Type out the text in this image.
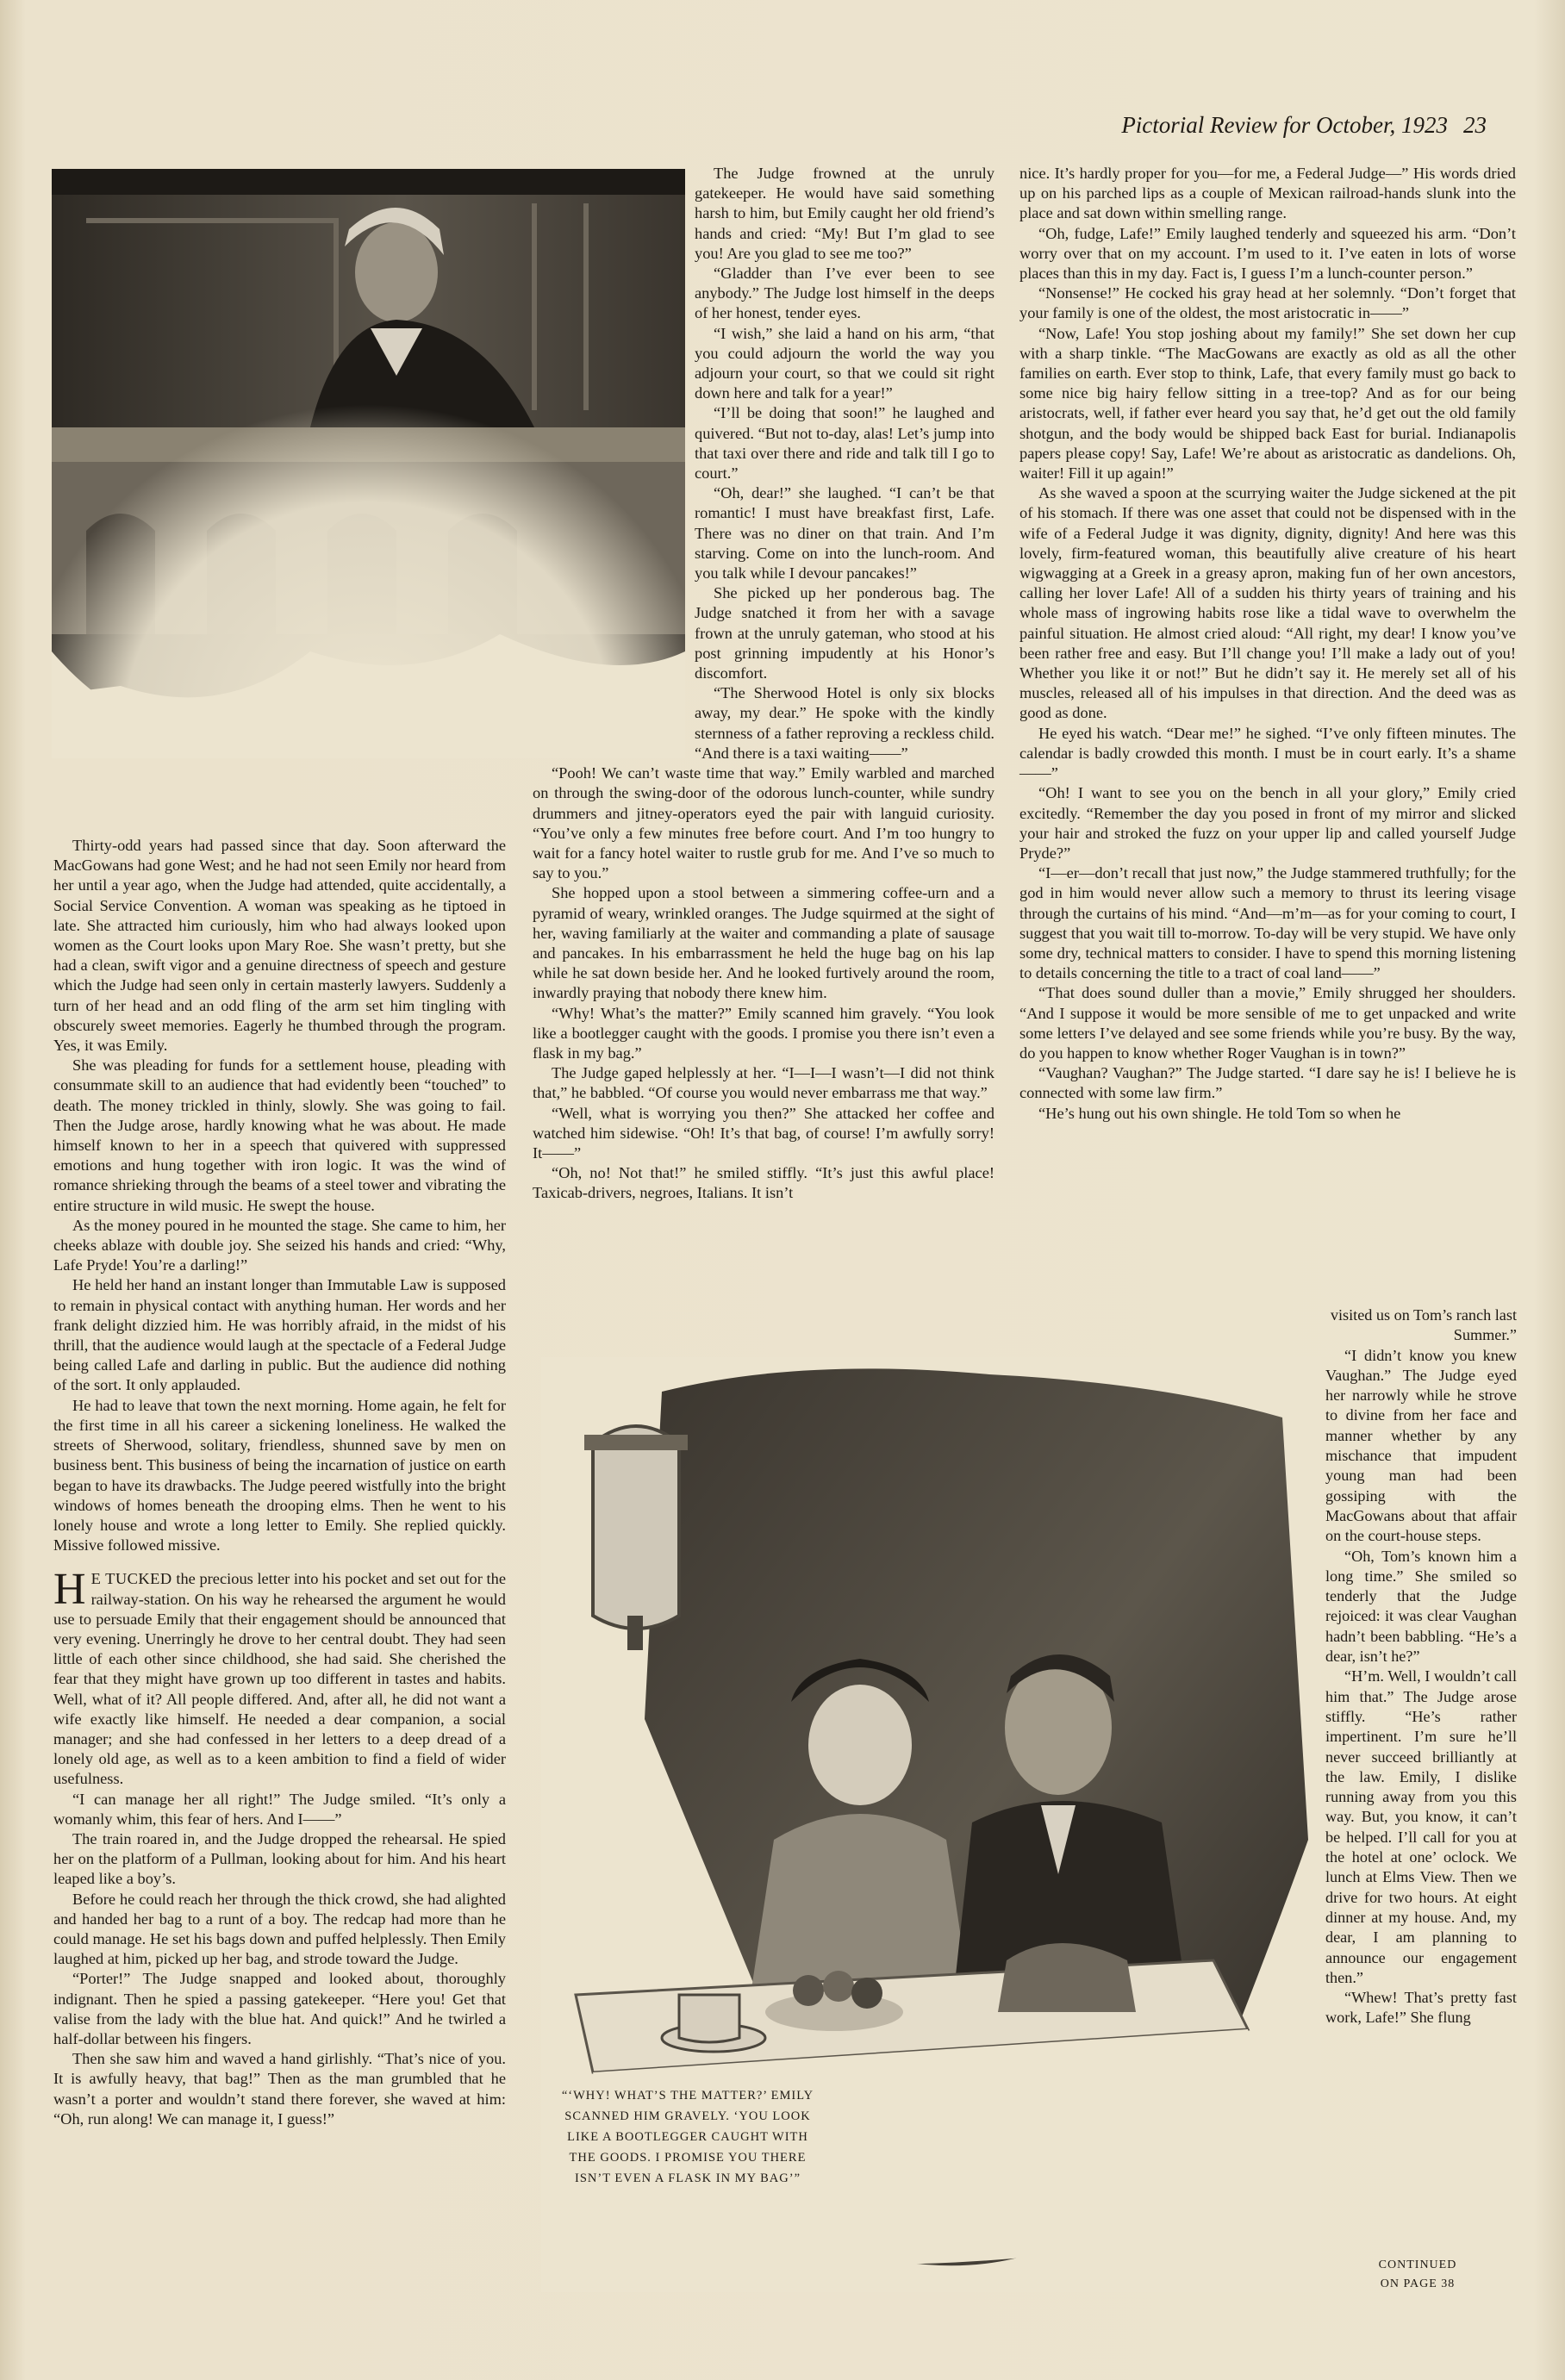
Pictorial Review for October, 1923 23

Thirty-odd years had passed since that day. Soon afterward the MacGowans had gone West; and he had not seen Emily nor heard from her until a year ago, when the Judge had attended, quite accidentally, a Social Service Convention. A woman was speaking as he tiptoed in late. She attracted him curiously, him who had always looked upon women as the Court looks upon Mary Roe. She wasn’t pretty, but she had a clean, swift vigor and a genuine directness of speech and gesture which the Judge had seen only in certain masterly lawyers. Suddenly a turn of her head and an odd fling of the arm set him tingling with obscurely sweet memories. Eagerly he thumbed through the program. Yes, it was Emily.

She was pleading for funds for a settlement house, pleading with consummate skill to an audience that had evidently been “touched” to death. The money trickled in thinly, slowly. She was going to fail. Then the Judge arose, hardly knowing what he was about. He made himself known to her in a speech that quivered with suppressed emotions and hung together with iron logic. It was the wind of romance shrieking through the beams of a steel tower and vibrating the entire structure in wild music. He swept the house.

As the money poured in he mounted the stage. She came to him, her cheeks ablaze with double joy. She seized his hands and cried: “Why, Lafe Pryde! You’re a darling!”

He held her hand an instant longer than Immutable Law is supposed to remain in physical contact with anything human. Her words and her frank delight dizzied him. He was horribly afraid, in the midst of his thrill, that the audience would laugh at the spectacle of a Federal Judge being called Lafe and darling in public. But the audience did nothing of the sort. It only applauded.

He had to leave that town the next morning. Home again, he felt for the first time in all his career a sickening loneliness. He walked the streets of Sherwood, solitary, friendless, shunned save by men on business bent. This business of being the incarnation of justice on earth began to have its drawbacks. The Judge peered wistfully into the bright windows of homes beneath the drooping elms. Then he went to his lonely house and wrote a long letter to Emily. She replied quickly. Missive followed missive.

H E TUCKED the precious letter into his pocket and set out for the railway-station. On his way he rehearsed the argument he would use to persuade Emily that their engagement should be announced that very evening. Unerringly he drove to her central doubt. They had seen little of each other since childhood, she had said. She cherished the fear that they might have grown up too different in tastes and habits. Well, what of it? All people differed. And, after all, he did not want a wife exactly like himself. He needed a dear companion, a social manager; and she had confessed in her letters to a deep dread of a lonely old age, as well as to a keen ambition to find a field of wider usefulness.

“I can manage her all right!” The Judge smiled. “It’s only a womanly whim, this fear of hers. And I——”

The train roared in, and the Judge dropped the rehearsal. He spied her on the platform of a Pullman, looking about for him. And his heart leaped like a boy’s.

Before he could reach her through the thick crowd, she had alighted and handed her bag to a runt of a boy. The redcap had more than he could manage. He set his bags down and puffed helplessly. Then Emily laughed at him, picked up her bag, and strode toward the Judge.

“Porter!” The Judge snapped and looked about, thoroughly indignant. Then he spied a passing gatekeeper. “Here you! Get that valise from the lady with the blue hat. And quick!” And he twirled a half-dollar between his fingers.

Then she saw him and waved a hand girlishly. “That’s nice of you. It is awfully heavy, that bag!” Then as the man grumbled that he wasn’t a porter and wouldn’t stand there forever, she waved at him: “Oh, run along! We can manage it, I guess!”

The Judge frowned at the unruly gatekeeper. He would have said something harsh to him, but Emily caught her old friend’s hands and cried: “My! But I’m glad to see you! Are you glad to see me too?”

“Gladder than I’ve ever been to see anybody.” The Judge lost himself in the deeps of her honest, tender eyes.

“I wish,” she laid a hand on his arm, “that you could adjourn the world the way you adjourn your court, so that we could sit right down here and talk for a year!”

“I’ll be doing that soon!” he laughed and quivered. “But not to-day, alas! Let’s jump into that taxi over there and ride and talk till I go to court.”

“Oh, dear!” she laughed. “I can’t be that romantic! I must have breakfast first, Lafe. There was no diner on that train. And I’m starving. Come on into the lunch-room. And you talk while I devour pancakes!”

She picked up her ponderous bag. The Judge snatched it from her with a savage frown at the unruly gateman, who stood at his post grinning impudently at his Honor’s discomfort.

“The Sherwood Hotel is only six blocks away, my dear.” He spoke with the kindly sternness of a father reproving a reckless child. “And there is a taxi waiting——”

“Pooh! We can’t waste time that way.” Emily warbled and marched on through the swing-door of the odorous lunch-counter, while sundry drummers and jitney-operators eyed the pair with languid curiosity. “You’ve only a few minutes free before court. And I’m too hungry to wait for a fancy hotel waiter to rustle grub for me. And I’ve so much to say to you.”

She hopped upon a stool between a simmering coffee-urn and a pyramid of weary, wrinkled oranges. The Judge squirmed at the sight of her, waving familiarly at the waiter and commanding a plate of sausage and pancakes. In his embarrassment he held the huge bag on his lap while he sat down beside her. And he looked furtively around the room, inwardly praying that nobody there knew him.

“Why! What’s the matter?” Emily scanned him gravely. “You look like a bootlegger caught with the goods. I promise you there isn’t even a flask in my bag.”

The Judge gaped helplessly at her. “I—I—I wasn’t—I did not think that,” he babbled. “Of course you would never embarrass me that way.”

“Well, what is worrying you then?” She attacked her coffee and watched him sidewise. “Oh! It’s that bag, of course! I’m awfully sorry! It——”

“Oh, no! Not that!” he smiled stiffly. “It’s just this awful place! Taxicab-drivers, negroes, Italians. It isn’t

nice. It’s hardly proper for you—for me, a Federal Judge—” His words dried up on his parched lips as a couple of Mexican railroad-hands slunk into the place and sat down within smelling range.

“Oh, fudge, Lafe!” Emily laughed tenderly and squeezed his arm. “Don’t worry over that on my account. I’m used to it. I’ve eaten in lots of worse places than this in my day. Fact is, I guess I’m a lunch-counter person.”

“Nonsense!” He cocked his gray head at her solemnly. “Don’t forget that your family is one of the oldest, the most aristocratic in——”

“Now, Lafe! You stop joshing about my family!” She set down her cup with a sharp tinkle. “The MacGowans are exactly as old as all the other families on earth. Ever stop to think, Lafe, that every family must go back to some nice big hairy fellow sitting in a tree-top? And as for our being aristocrats, well, if father ever heard you say that, he’d get out the old family shotgun, and the body would be shipped back East for burial. Indianapolis papers please copy! Say, Lafe! We’re about as aristocratic as dandelions. Oh, waiter! Fill it up again!”

As she waved a spoon at the scurrying waiter the Judge sickened at the pit of his stomach. If there was one asset that could not be dispensed with in the wife of a Federal Judge it was dignity, dignity, dignity! And here was this lovely, firm-featured woman, this beautifully alive creature of his heart wigwagging at a Greek in a greasy apron, making fun of her own ancestors, calling her lover Lafe! All of a sudden his thirty years of training and his whole mass of ingrowing habits rose like a tidal wave to overwhelm the painful situation. He almost cried aloud: “All right, my dear! I know you’ve been rather free and easy. But I’ll change you! I’ll make a lady out of you! Whether you like it or not!” But he didn’t say it. He merely set all of his muscles, released all of his impulses in that direction. And the deed was as good as done.

He eyed his watch. “Dear me!” he sighed. “I’ve only fifteen minutes. The calendar is badly crowded this month. I must be in court early. It’s a shame——”

“Oh! I want to see you on the bench in all your glory,” Emily cried excitedly. “Remember the day you posed in front of my mirror and slicked your hair and stroked the fuzz on your upper lip and called yourself Judge Pryde?”

“I—er—don’t recall that just now,” the Judge stammered truthfully; for the god in him would never allow such a memory to thrust its leering visage through the curtains of his mind. “And—m’m—as for your coming to court, I suggest that you wait till to-morrow. To-day will be very stupid. We have only some dry, technical matters to consider. I have to spend this morning listening to details concerning the title to a tract of coal land——”

“That does sound duller than a movie,” Emily shrugged her shoulders. “And I suppose it would be more sensible of me to get unpacked and write some letters I’ve delayed and see some friends while you’re busy. By the way, do you happen to know whether Roger Vaughan is in town?”

“Vaughan? Vaughan?” The Judge started. “I dare say he is! I believe he is connected with some law firm.”

“He’s hung out his own shingle. He told Tom so when he

visited us on Tom’s ranch last Summer.”

“I didn’t know you knew Vaughan.” The Judge eyed her narrowly while he strove to divine from her face and manner whether by any mischance that impudent young man had been gossiping with the MacGowans about that affair on the court-house steps.

“Oh, Tom’s known him a long time.” She smiled so tenderly that the Judge rejoiced: it was clear Vaughan hadn’t been babbling. “He’s a dear, isn’t he?”

“H’m. Well, I wouldn’t call him that.” The Judge arose stiffly. “He’s rather impertinent. I’m sure he’ll never succeed brilliantly at the law. Emily, I dislike running away from you this way. But, you know, it can’t be helped. I’ll call for you at the hotel at one’ oclock. We lunch at Elms View. Then we drive for two hours. At eight dinner at my house. And, my dear, I am planning to announce our engagement then.”

“Whew! That’s pretty fast work, Lafe!” She flung

CONTINUED ON PAGE 38
“‘WHY! WHAT’S THE MATTER?’ EMILY SCANNED HIM GRAVELY. ‘YOU LOOK LIKE A BOOTLEGGER CAUGHT WITH THE GOODS. I PROMISE YOU THERE ISN’T EVEN A FLASK IN MY BAG’”
